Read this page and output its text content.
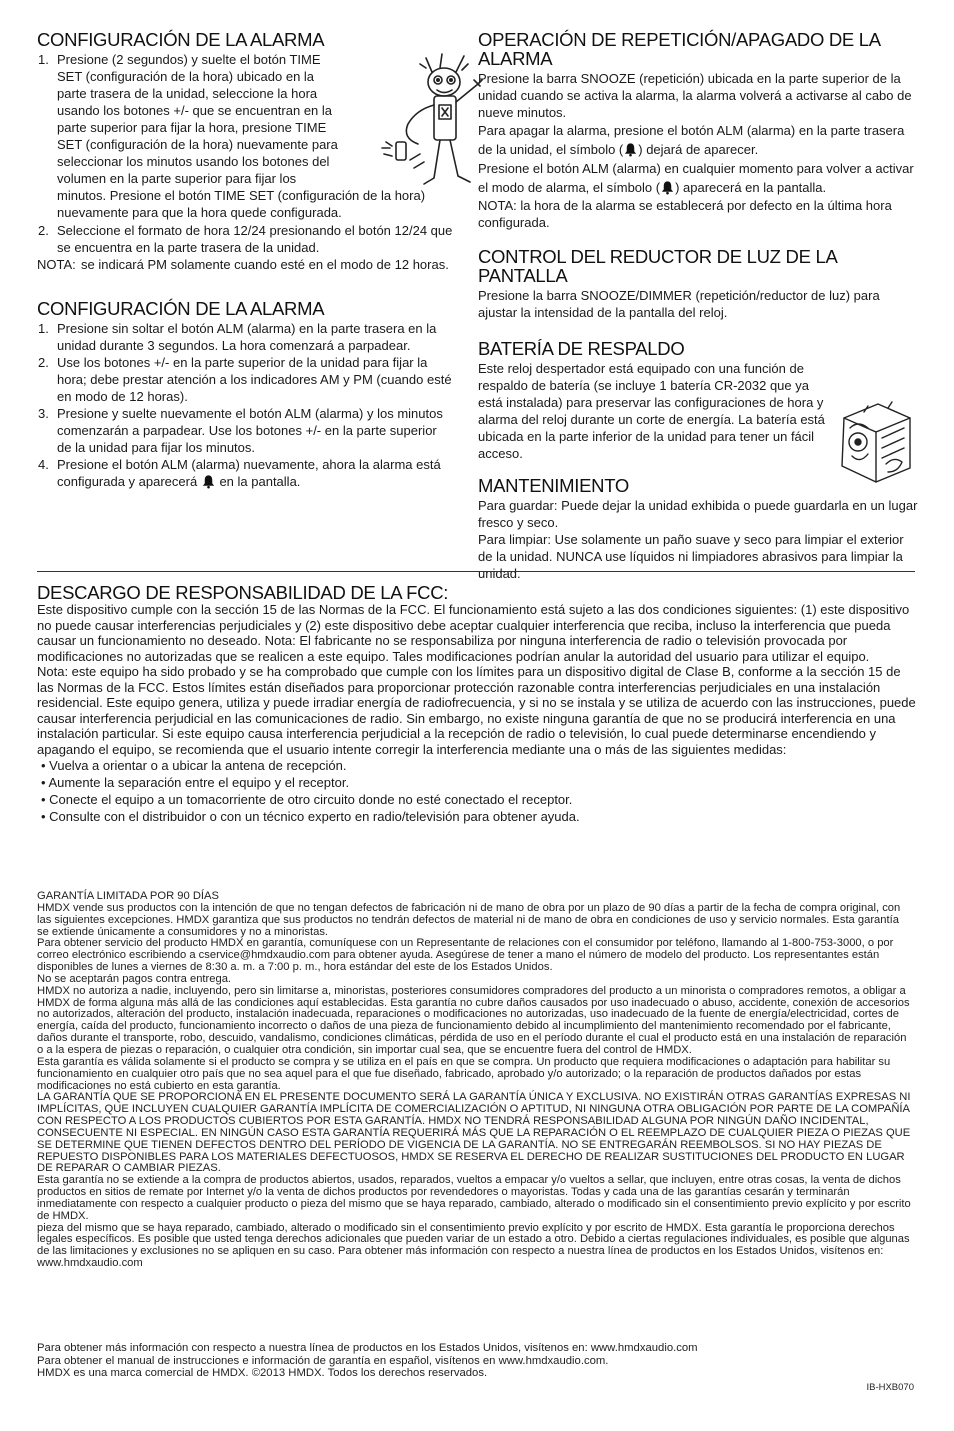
CONFIGURACIÓN DE LA ALARMA
1. Presione (2 segundos) y suelte el botón TIME SET (configuración de la hora) ubicado en la parte trasera de la unidad, seleccione la hora usando los botones +/- que se encuentran en la parte superior para fijar la hora, presione TIME SET (configuración de la hora) nuevamente para seleccionar los minutos usando los botones del volumen en la parte superior para fijar los minutos. Presione el botón TIME SET (configuración de la hora) nuevamente para que la hora quede configurada.
2. Seleccione el formato de hora 12/24 presionando el botón 12/24 que se encuentra en la parte trasera de la unidad.
NOTA: se indicará PM solamente cuando esté en el modo de 12 horas.
CONFIGURACIÓN DE LA ALARMA
1. Presione sin soltar el botón ALM (alarma) en la parte trasera en la unidad durante 3 segundos. La hora comenzará a parpadear.
2. Use los botones +/- en la parte superior de la unidad para fijar la hora; debe prestar atención a los indicadores AM y PM (cuando esté en modo de 12 horas).
3. Presione y suelte nuevamente el botón ALM (alarma) y los minutos comenzarán a parpadear. Use los botones +/- en la parte superior de la unidad para fijar los minutos.
4. Presione el botón ALM (alarma) nuevamente, ahora la alarma está configurada y aparecerá en la pantalla.
OPERACIÓN DE REPETICIÓN/APAGADO DE LA ALARMA

Presione la barra SNOOZE (repetición) ubicada en la parte superior de la unidad cuando se activa la alarma, la alarma volverá a activarse al cabo de nueve minutos.

Para apagar la alarma, presione el botón ALM (alarma) en la parte trasera de la unidad, el símbolo ( ) dejará de aparecer.

Presione el botón ALM (alarma) en cualquier momento para volver a activar el modo de alarma, el símbolo ( ) aparecerá en la pantalla.

NOTA: la hora de la alarma se establecerá por defecto en la última hora configurada.

CONTROL DEL REDUCTOR DE LUZ DE LA PANTALLA

Presione la barra SNOOZE/DIMMER (repetición/reductor de luz) para ajustar la intensidad de la pantalla del reloj.

BATERÍA DE RESPALDO

Este reloj despertador está equipado con una función de respaldo de batería (se incluye 1 batería CR-2032 que ya está instalada) para preservar las configuraciones de hora y alarma del reloj durante un corte de energía. La batería está ubicada en la parte inferior de la unidad para tener un fácil acceso.

MANTENIMIENTO

Para guardar: Puede dejar la unidad exhibida o puede guardarla en un lugar fresco y seco.

Para limpiar: Use solamente un paño suave y seco para limpiar el exterior de la unidad. NUNCA use líquidos ni limpiadores abrasivos para limpiar la unidad.

DESCARGO DE RESPONSABILIDAD DE LA FCC:

Este dispositivo cumple con la sección 15 de las Normas de la FCC. El funcionamiento está sujeto a las dos condiciones siguientes: (1) este dispositivo no puede causar interferencias perjudiciales y (2) este dispositivo debe aceptar cualquier interferencia que reciba, incluso la interferencia que pueda causar un funcionamiento no deseado. Nota: El fabricante no se responsabiliza por ninguna interferencia de radio o televisión provocada por modificaciones no autorizadas que se realicen a este equipo. Tales modificaciones podrían anular la autoridad del usuario para utilizar el equipo.

Nota: este equipo ha sido probado y se ha comprobado que cumple con los límites para un dispositivo digital de Clase B, conforme a la sección 15 de las Normas de la FCC. Estos límites están diseñados para proporcionar protección razonable contra interferencias perjudiciales en una instalación residencial. Este equipo genera, utiliza y puede irradiar energía de radiofrecuencia, y si no se instala y se utiliza de acuerdo con las instrucciones, puede causar interferencia perjudicial en las comunicaciones de radio. Sin embargo, no existe ninguna garantía de que no se producirá interferencia en una instalación particular. Si este equipo causa interferencia perjudicial a la recepción de radio o televisión, lo cual puede determinarse encendiendo y apagando el equipo, se recomienda que el usuario intente corregir la interferencia mediante una o más de las siguientes medidas:

• Vuelva a orientar o a ubicar la antena de recepción.
• Aumente la separación entre el equipo y el receptor.
• Conecte el equipo a un tomacorriente de otro circuito donde no esté conectado el receptor.
• Consulte con el distribuidor o con un técnico experto en radio/televisión para obtener ayuda.

GARANTÍA LIMITADA POR 90 DÍAS

HMDX vende sus productos con la intención de que no tengan defectos de fabricación ni de mano de obra por un plazo de 90 días a partir de la fecha de compra original, con las siguientes excepciones. HMDX garantiza que sus productos no tendrán defectos de material ni de mano de obra en condiciones de uso y servicio normales. Esta garantía se extiende únicamente a consumidores y no a minoristas.

Para obtener servicio del producto HMDX en garantía, comuníquese con un Representante de relaciones con el consumidor por teléfono, llamando al 1-800-753-3000, o por correo electrónico escribiendo a cservice@hmdxaudio.com para obtener ayuda. Asegúrese de tener a mano el número de modelo del producto. Los representantes están disponibles de lunes a viernes de 8:30 a. m. a 7:00 p. m., hora estándar del este de los Estados Unidos.

No se aceptarán pagos contra entrega.

HMDX no autoriza a nadie, incluyendo, pero sin limitarse a, minoristas, posteriores consumidores compradores del producto a un minorista o compradores remotos, a obligar a HMDX de forma alguna más allá de las condiciones aquí establecidas. Esta garantía no cubre daños causados por uso inadecuado o abuso, accidente, conexión de accesorios no autorizados, alteración del producto, instalación inadecuada, reparaciones o modificaciones no autorizadas, uso inadecuado de la fuente de energía/electricidad, cortes de energía, caída del producto, funcionamiento incorrecto o daños de una pieza de funcionamiento debido al incumplimiento del mantenimiento recomendado por el fabricante, daños durante el transporte, robo, descuido, vandalismo, condiciones climáticas, pérdida de uso en el período durante el cual el producto está en una instalación de reparación o a la espera de piezas o reparación, o cualquier otra condición, sin importar cual sea, que se encuentre fuera del control de HMDX.

Esta garantía es válida solamente si el producto se compra y se utiliza en el país en que se compra. Un producto que requiera modificaciones o adaptación para habilitar su funcionamiento en cualquier otro país que no sea aquel para el que fue diseñado, fabricado, aprobado y/o autorizado; o la reparación de productos dañados por estas modificaciones no está cubierto en esta garantía.

LA GARANTÍA QUE SE PROPORCIONA EN EL PRESENTE DOCUMENTO SERÁ LA GARANTÍA ÚNICA Y EXCLUSIVA. NO EXISTIRÁN OTRAS GARANTÍAS EXPRESAS NI IMPLÍCITAS, QUE INCLUYEN CUALQUIER GARANTÍA IMPLÍCITA DE COMERCIALIZACIÓN O APTITUD, NI NINGUNA OTRA OBLIGACIÓN POR PARTE DE LA COMPAÑÍA CON RESPECTO A LOS PRODUCTOS CUBIERTOS POR ESTA GARANTÍA. HMDX NO TENDRÁ RESPONSABILIDAD ALGUNA POR NINGÚN DAÑO INCIDENTAL, CONSECUENTE NI ESPECIAL. EN NINGÚN CASO ESTA GARANTÍA REQUERIRÁ MÁS QUE LA REPARACIÓN O EL REEMPLAZO DE CUALQUIER PIEZA O PIEZAS QUE SE DETERMINE QUE TIENEN DEFECTOS DENTRO DEL PERÍODO DE VIGENCIA DE LA GARANTÍA. NO SE ENTREGARÁN REEMBOLSOS. SI NO HAY PIEZAS DE REPUESTO DISPONIBLES PARA LOS MATERIALES DEFECTUOSOS, HMDX SE RESERVA EL DERECHO DE REALIZAR SUSTITUCIONES DEL PRODUCTO EN LUGAR DE REPARAR O CAMBIAR PIEZAS.

Esta garantía no se extiende a la compra de productos abiertos, usados, reparados, vueltos a empacar y/o vueltos a sellar, que incluyen, entre otras cosas, la venta de dichos productos en sitios de remate por Internet y/o la venta de dichos productos por revendedores o mayoristas. Todas y cada una de las garantías cesarán y terminarán inmediatamente con respecto a cualquier producto o pieza del mismo que se haya reparado, cambiado, alterado o modificado sin el consentimiento previo explícito y por escrito de HMDX.

pieza del mismo que se haya reparado, cambiado, alterado o modificado sin el consentimiento previo explícito y por escrito de HMDX. Esta garantía le proporciona derechos legales específicos. Es posible que usted tenga derechos adicionales que pueden variar de un estado a otro. Debido a ciertas regulaciones individuales, es posible que algunas de las limitaciones y exclusiones no se apliquen en su caso. Para obtener más información con respecto a nuestra línea de productos en los Estados Unidos, visítenos en: www.hmdxaudio.com

Para obtener más información con respecto a nuestra línea de productos en los Estados Unidos, visítenos en: www.hmdxaudio.com
Para obtener el manual de instrucciones e información de garantía en español, visítenos en www.hmdxaudio.com.
HMDX es una marca comercial de HMDX. ©2013 HMDX. Todos los derechos reservados.
IB-HXB070
